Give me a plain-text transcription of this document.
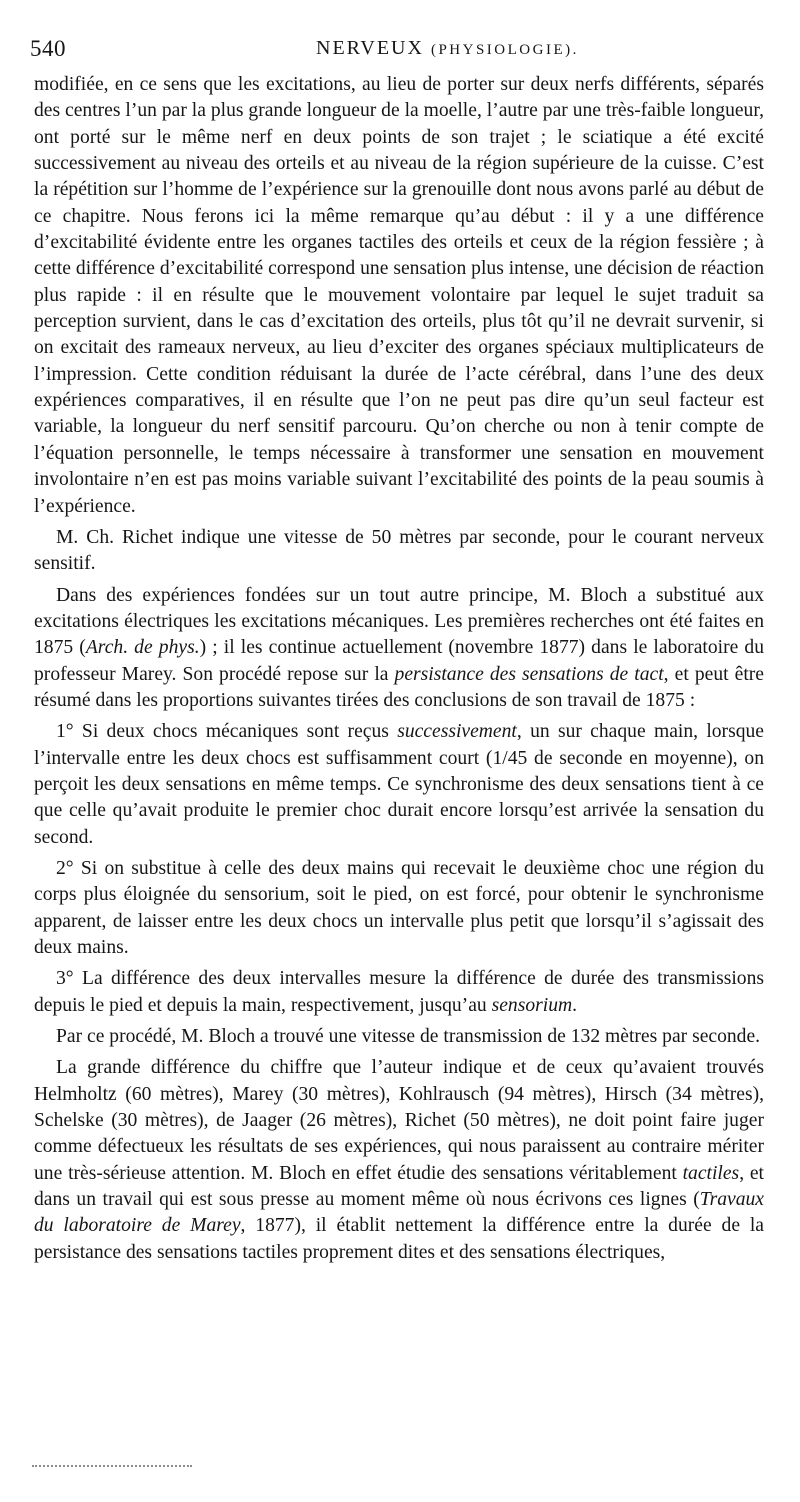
540	NERVEUX (PHYSIOLOGIE).

modifiée, en ce sens que les excitations, au lieu de porter sur deux nerfs différents, séparés des centres l’un par la plus grande longueur de la moelle, l’autre par une très-faible longueur, ont porté sur le même nerf en deux points de son trajet ; le sciatique a été excité successivement au niveau des orteils et au niveau de la région supérieure de la cuisse. C’est la répétition sur l’homme de l’expérience sur la grenouille dont nous avons parlé au début de ce chapitre. Nous ferons ici la même remarque qu’au début : il y a une différence d’excitabilité évidente entre les organes tactiles des orteils et ceux de la région fessière ; à cette différence d’excitabilité correspond une sensation plus intense, une décision de réaction plus rapide : il en résulte que le mouvement volontaire par lequel le sujet traduit sa perception survient, dans le cas d’excitation des orteils, plus tôt qu’il ne devrait survenir, si on excitait des rameaux nerveux, au lieu d’exciter des organes spéciaux multiplicateurs de l’impression. Cette condition réduisant la durée de l’acte cérébral, dans l’une des deux expériences comparatives, il en résulte que l’on ne peut pas dire qu’un seul facteur est variable, la longueur du nerf sensitif parcouru. Qu’on cherche ou non à tenir compte de l’équation personnelle, le temps nécessaire à transformer une sensation en mouvement involontaire n’en est pas moins variable suivant l’excitabilité des points de la peau soumis à l’expérience.

M. Ch. Richet indique une vitesse de 50 mètres par seconde, pour le courant nerveux sensitif.

Dans des expériences fondées sur un tout autre principe, M. Bloch a substitué aux excitations électriques les excitations mécaniques. Les premières recherches ont été faites en 1875 (Arch. de phys.) ; il les continue actuellement (novembre 1877) dans le laboratoire du professeur Marey. Son procédé repose sur la persistance des sensations de tact, et peut être résumé dans les proportions suivantes tirées des conclusions de son travail de 1875 :

1° Si deux chocs mécaniques sont reçus successivement, un sur chaque main, lorsque l’intervalle entre les deux chocs est suffisamment court (1/45 de seconde en moyenne), on perçoit les deux sensations en même temps. Ce synchronisme des deux sensations tient à ce que celle qu’avait produite le premier choc durait encore lorsqu’est arrivée la sensation du second.

2° Si on substitue à celle des deux mains qui recevait le deuxième choc une région du corps plus éloignée du sensorium, soit le pied, on est forcé, pour obtenir le synchronisme apparent, de laisser entre les deux chocs un intervalle plus petit que lorsqu’il s’agissait des deux mains.

3° La différence des deux intervalles mesure la différence de durée des transmissions depuis le pied et depuis la main, respectivement, jusqu’au sensorium.

Par ce procédé, M. Bloch a trouvé une vitesse de transmission de 132 mètres par seconde.

La grande différence du chiffre que l’auteur indique et de ceux qu’avaient trouvés Helmholtz (60 mètres), Marey (30 mètres), Kohlrausch (94 mètres), Hirsch (34 mètres), Schelske (30 mètres), de Jaager (26 mètres), Richet (50 mètres), ne doit point faire juger comme défectueux les résultats de ses expériences, qui nous paraissent au contraire mériter une très-sérieuse attention. M. Bloch en effet étudie des sensations véritablement tactiles, et dans un travail qui est sous presse au moment même où nous écrivons ces lignes (Travaux du laboratoire de Marey, 1877), il établit nettement la différence entre la durée de la persistance des sensations tactiles proprement dites et des sensations électriques,
